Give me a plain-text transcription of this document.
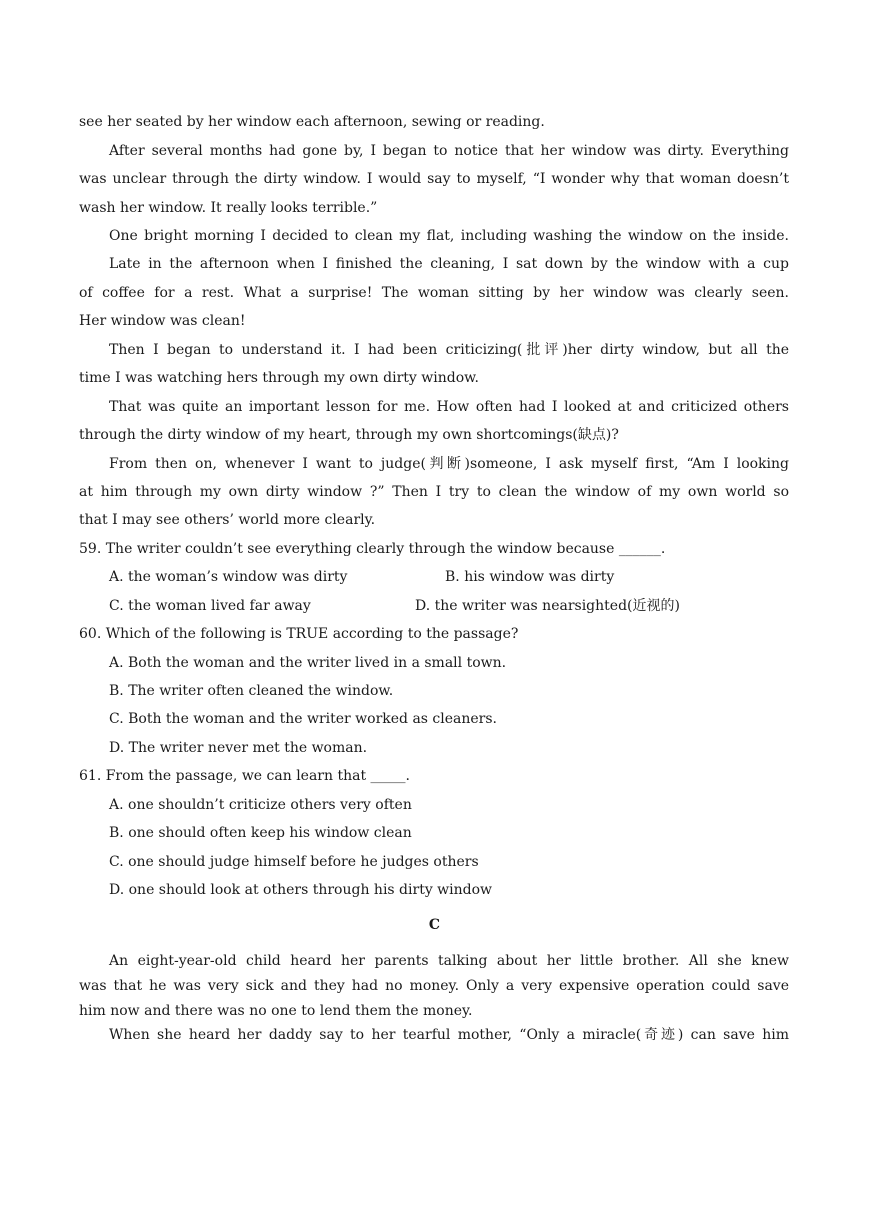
see her seated by her window each afternoon, sewing or reading.

After several months had gone by, I began to notice that her window was dirty. Everything

was unclear through the dirty window. I would say to myself, “I wonder why that woman doesn’t

wash her window. It really looks terrible.”

One bright morning I decided to clean my flat, including washing the window on the inside.

Late in the afternoon when I finished the cleaning, I sat down by the window with a cup

of coffee for a rest. What a surprise! The woman sitting by her window was clearly seen.

Her window was clean!

Then I began to understand it. I had been criticizing(批评)her dirty window, but all the

time I was watching hers through my own dirty window.

That was quite an important lesson for me. How often had I looked at and criticized others

through the dirty window of my heart, through my own shortcomings(缺点)?

From then on, whenever I want to judge(判断)someone, I ask myself first, “Am I looking

at him through my own dirty window ?” Then I try to clean the window of my own world so

that I may see others’ world more clearly.

59. The writer couldn’t see everything clearly through the window because ______.

A. the woman’s window was dirty	B. his window was dirty
C. the woman lived far away	D. the writer was nearsighted(近视的)

60. Which of the following is TRUE according to the passage?

A. Both the woman and the writer lived in a small town.

B. The writer often cleaned the window.

C. Both the woman and the writer worked as cleaners.

D. The writer never met the woman.

61. From the passage, we can learn that _____.

A. one shouldn’t criticize others very often

B. one should often keep his window clean

C. one should judge himself before he judges others

D. one should look at others through his dirty window

C

An eight-year-old child heard her parents talking about her little brother. All she knew

was that he was very sick and they had no money. Only a very expensive operation could save

him now and there was no one to lend them the money.

When she heard her daddy say to her tearful mother, “Only a miracle(奇迹) can save him
